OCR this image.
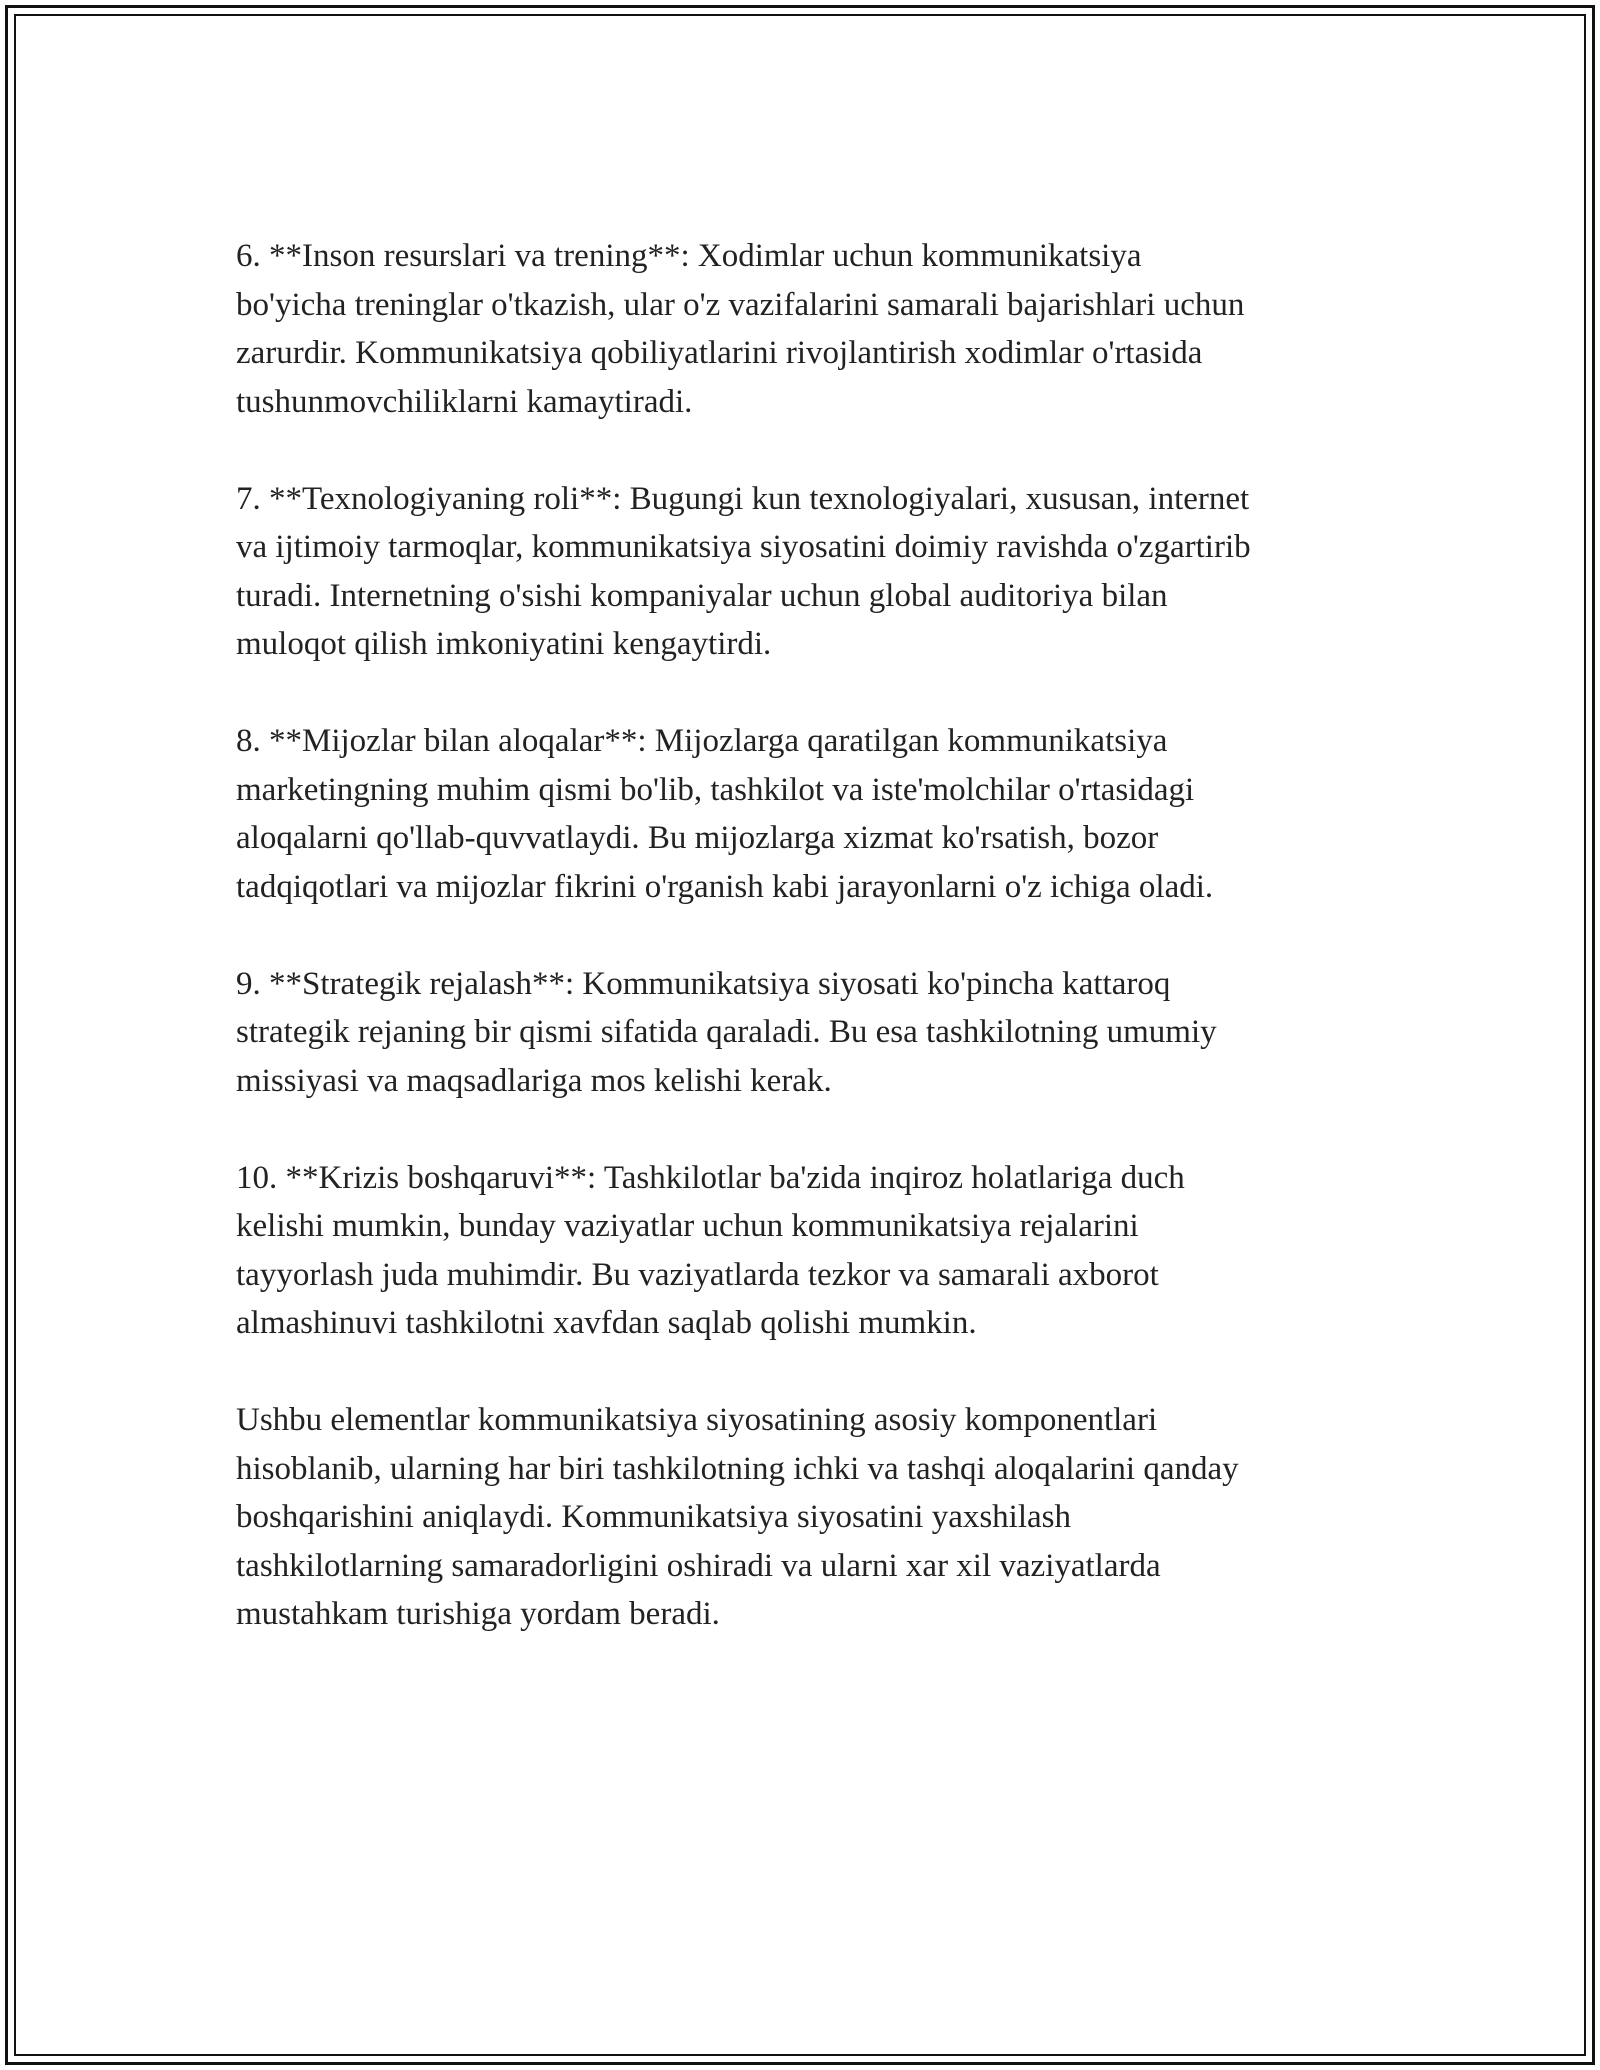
6. **Inson resurslari va trening**: Xodimlar uchun kommunikatsiya
bo'yicha treninglar o'tkazish, ular o'z vazifalarini samarali bajarishlari uchun
zarurdir. Kommunikatsiya qobiliyatlarini rivojlantirish xodimlar o'rtasida
tushunmovchiliklarni kamaytiradi.

7. **Texnologiyaning roli**: Bugungi kun texnologiyalari, xususan, internet
va ijtimoiy tarmoqlar, kommunikatsiya siyosatini doimiy ravishda o'zgartirib
turadi. Internetning o'sishi kompaniyalar uchun global auditoriya bilan
muloqot qilish imkoniyatini kengaytirdi.

8. **Mijozlar bilan aloqalar**: Mijozlarga qaratilgan kommunikatsiya
marketingning muhim qismi bo'lib, tashkilot va iste'molchilar o'rtasidagi
aloqalarni qo'llab-quvvatlaydi. Bu mijozlarga xizmat ko'rsatish, bozor
tadqiqotlari va mijozlar fikrini o'rganish kabi jarayonlarni o'z ichiga oladi.

9. **Strategik rejalash**: Kommunikatsiya siyosati ko'pincha kattaroq
strategik rejaning bir qismi sifatida qaraladi. Bu esa tashkilotning umumiy
missiyasi va maqsadlariga mos kelishi kerak.

10. **Krizis boshqaruvi**: Tashkilotlar ba'zida inqiroz holatlariga duch
kelishi mumkin, bunday vaziyatlar uchun kommunikatsiya rejalarini
tayyorlash juda muhimdir. Bu vaziyatlarda tezkor va samarali axborot
almashinuvi tashkilotni xavfdan saqlab qolishi mumkin.

Ushbu elementlar kommunikatsiya siyosatining asosiy komponentlari
hisoblanib, ularning har biri tashkilotning ichki va tashqi aloqalarini qanday
boshqarishini aniqlaydi. Kommunikatsiya siyosatini yaxshilash
tashkilotlarning samaradorligini oshiradi va ularni xar xil vaziyatlarda
mustahkam turishiga yordam beradi.
